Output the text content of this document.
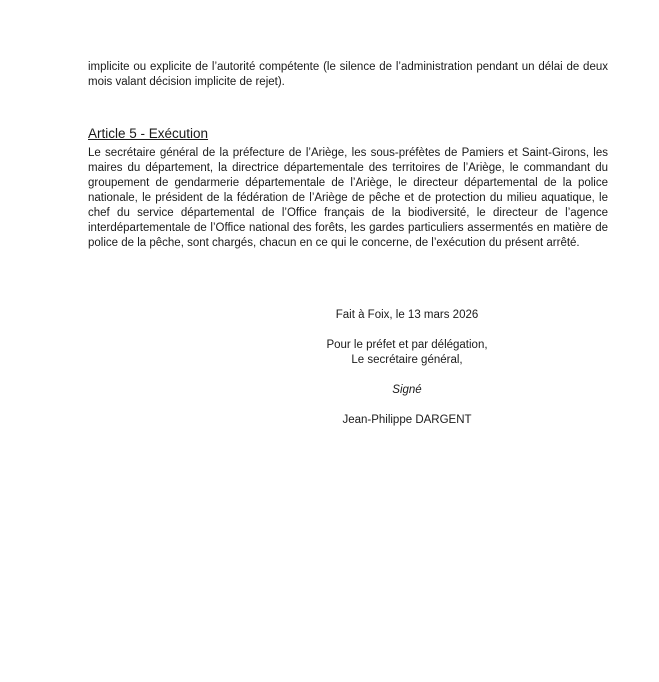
implicite ou explicite de l’autorité compétente (le silence de l’administration pendant un délai de deux mois valant décision implicite de rejet).

Article 5 - Exécution

Le secrétaire général de la préfecture de l’Ariège, les sous-préfètes de Pamiers et Saint-Girons, les maires du département, la directrice départementale des territoires de l’Ariège, le commandant du groupement de gendarmerie départementale de l’Ariège, le directeur départemental de la police nationale, le président de la fédération de l’Ariège de pêche et de protection du milieu aquatique, le chef du service départemental de l’Office français de la biodiversité, le directeur de l’agence interdépartementale de l’Office national des forêts, les gardes particuliers assermentés en matière de police de la pêche, sont chargés, chacun en ce qui le concerne, de l’exécution du présent arrêté.

Fait à Foix, le 13 mars 2026

Pour le préfet et par délégation,

Le secrétaire général,

Signé

Jean-Philippe DARGENT
